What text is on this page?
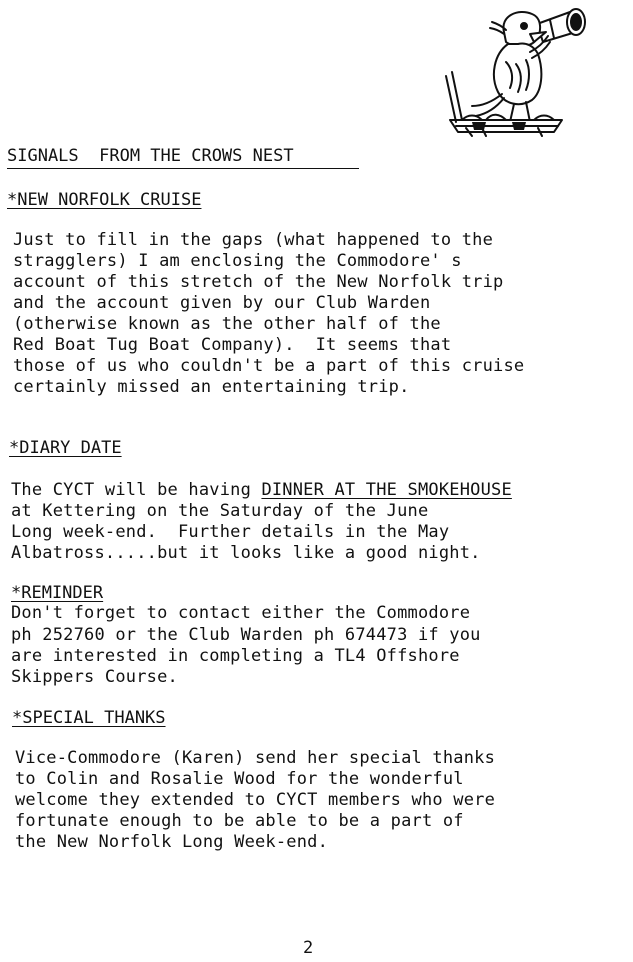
SIGNALS  FROM THE CROWS NEST
*NEW NORFOLK CRUISE
Just to fill in the gaps (what happened to the
stragglers) I am enclosing the Commodore' s
account of this stretch of the New Norfolk trip
and the account given by our Club Warden
(otherwise known as the other half of the
Red Boat Tug Boat Company).  It seems that
those of us who couldn't be a part of this cruise
certainly missed an entertaining trip.
*DIARY DATE
The CYCT will be having DINNER AT THE SMOKEHOUSE
at Kettering on the Saturday of the June
Long week-end.  Further details in the May
Albatross.....but it looks like a good night.
*REMINDER
Don't forget to contact either the Commodore
ph 252760 or the Club Warden ph 674473 if you
are interested in completing a TL4 Offshore
Skippers Course.
*SPECIAL THANKS
Vice-Commodore (Karen) send her special thanks
to Colin and Rosalie Wood for the wonderful
welcome they extended to CYCT members who were
fortunate enough to be able to be a part of
the New Norfolk Long Week-end.
2
